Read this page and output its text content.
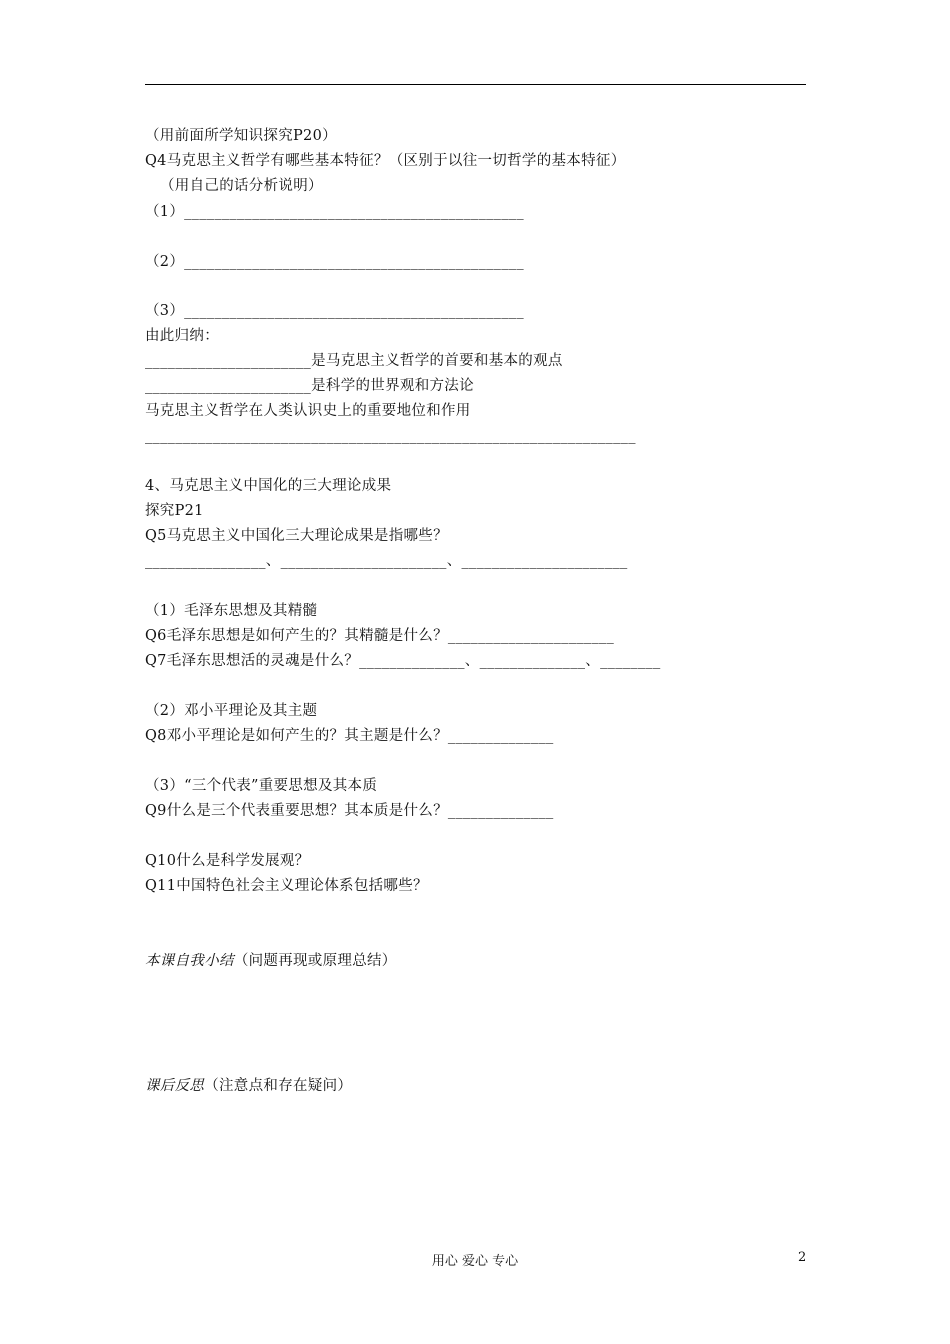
（用前面所学知识探究P20）
Q4马克思主义哲学有哪些基本特征？（区别于以往一切哲学的基本特征）
（用自己的话分析说明）
（1）_____________________________________________
（2）_____________________________________________
（3）_____________________________________________
由此归纳：
______________________是马克思主义哲学的首要和基本的观点
______________________是科学的世界观和方法论
马克思主义哲学在人类认识史上的重要地位和作用
_________________________________________________________________
4、马克思主义中国化的三大理论成果
探究P21
Q5马克思主义中国化三大理论成果是指哪些？
________________、______________________、______________________
（1）毛泽东思想及其精髓
Q6毛泽东思想是如何产生的？其精髓是什么？______________________
Q7毛泽东思想活的灵魂是什么？______________、______________、________
（2）邓小平理论及其主题
Q8邓小平理论是如何产生的？其主题是什么？______________
（3）“三个代表”重要思想及其本质
Q9什么是三个代表重要思想？其本质是什么？______________
Q10什么是科学发展观？
Q11中国特色社会主义理论体系包括哪些？
本课自我小结（问题再现或原理总结）
课后反思（注意点和存在疑问）
用心 爱心 专心	2
